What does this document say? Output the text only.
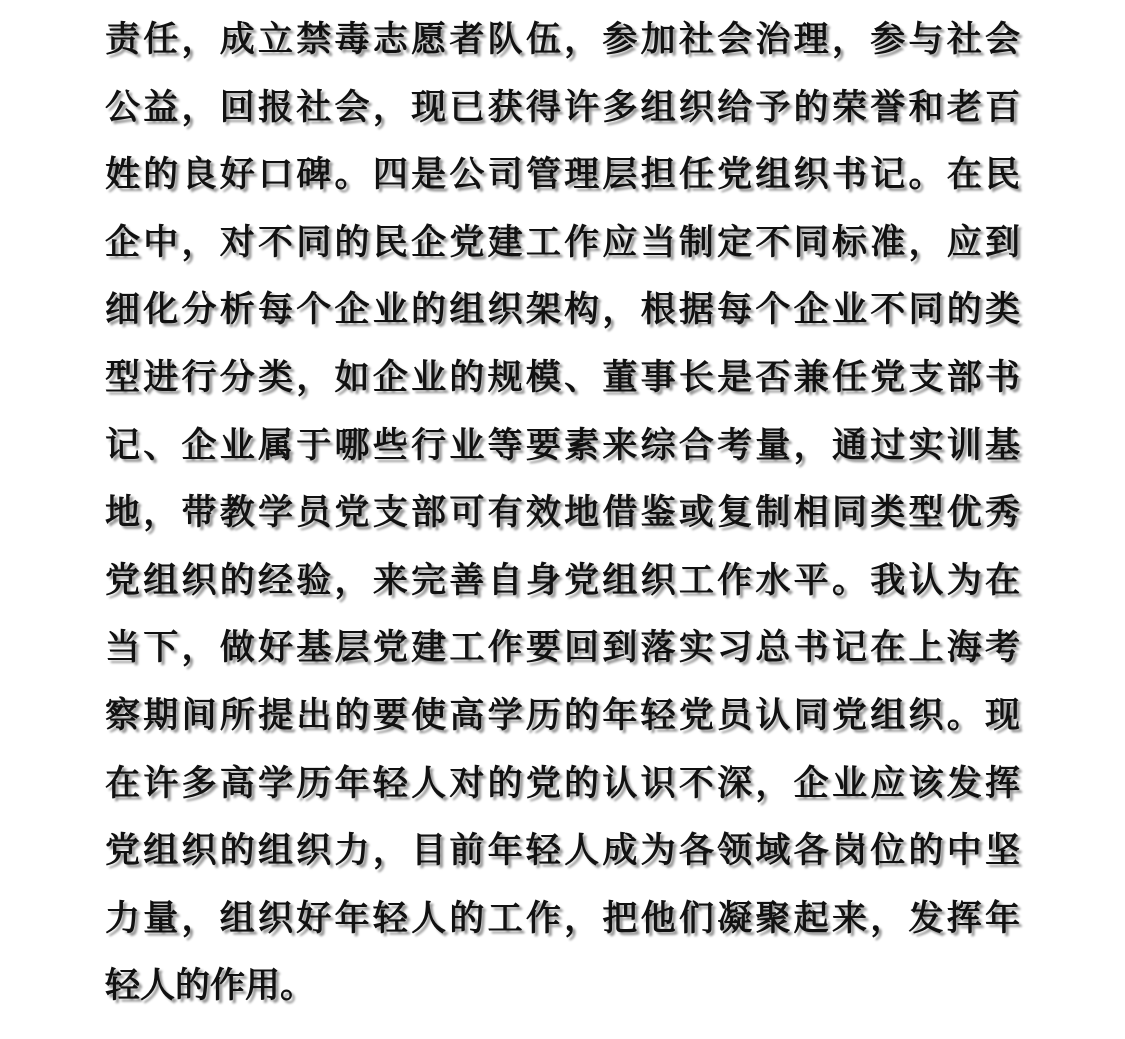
责任，成立禁毒志愿者队伍，参加社会治理，参与社会
公益，回报社会，现已获得许多组织给予的荣誉和老百
姓的良好口碑。四是公司管理层担任党组织书记。在民
企中，对不同的民企党建工作应当制定不同标准，应到
细化分析每个企业的组织架构，根据每个企业不同的类
型进行分类，如企业的规模、董事长是否兼任党支部书
记、企业属于哪些行业等要素来综合考量，通过实训基
地，带教学员党支部可有效地借鉴或复制相同类型优秀
党组织的经验，来完善自身党组织工作水平。我认为在
当下，做好基层党建工作要回到落实习总书记在上海考
察期间所提出的要使高学历的年轻党员认同党组织。现
在许多高学历年轻人对的党的认识不深，企业应该发挥
党组织的组织力，目前年轻人成为各领域各岗位的中坚
力量，组织好年轻人的工作，把他们凝聚起来，发挥年
轻人的作用。
